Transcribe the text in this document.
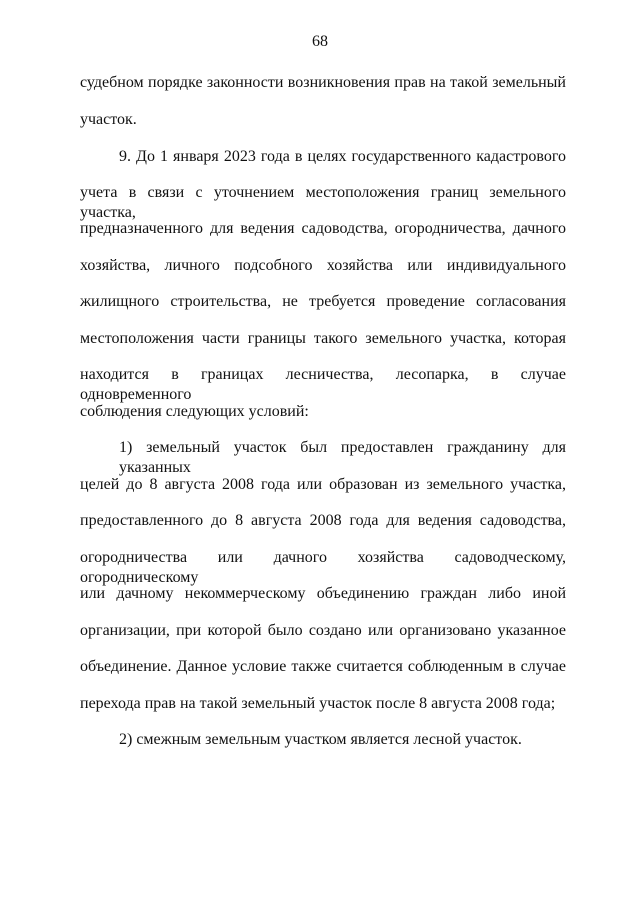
68
судебном порядке законности возникновения прав на такой земельный
участок.
9. До 1 января 2023 года в целях государственного кадастрового
учета в связи с уточнением местоположения границ земельного участка,
предназначенного для ведения садоводства, огородничества, дачного
хозяйства, личного подсобного хозяйства или индивидуального
жилищного строительства, не требуется проведение согласования
местоположения части границы такого земельного участка, которая
находится в границах лесничества, лесопарка, в случае одновременного
соблюдения следующих условий:
1) земельный участок был предоставлен гражданину для указанных
целей до 8 августа 2008 года или образован из земельного участка,
предоставленного до 8 августа 2008 года для ведения садоводства,
огородничества или дачного хозяйства садоводческому, огородническому
или дачному некоммерческому объединению граждан либо иной
организации, при которой было создано или организовано указанное
объединение. Данное условие также считается соблюденным в случае
перехода прав на такой земельный участок после 8 августа 2008 года;
2) смежным земельным участком является лесной участок.
